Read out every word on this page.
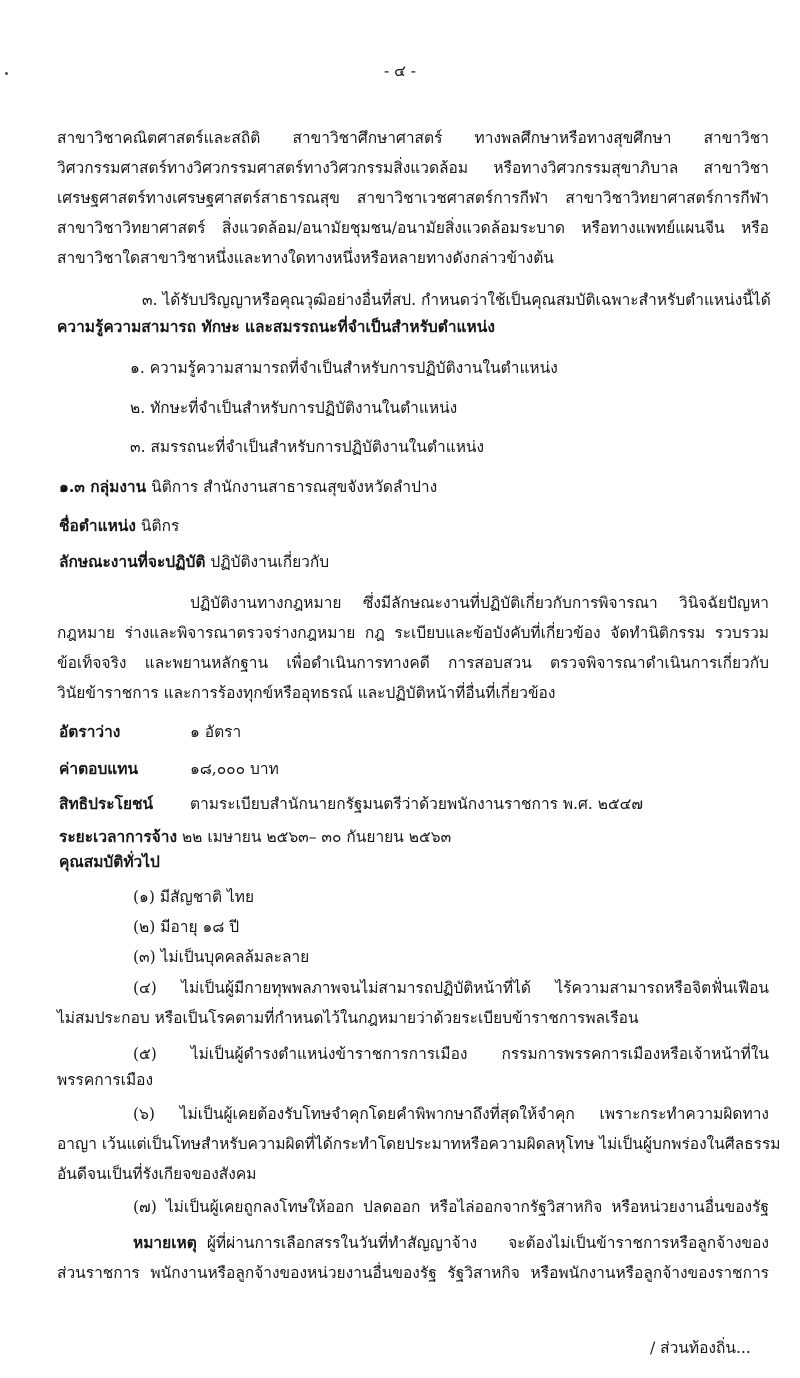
- ๔ -
สาขาวิชาคณิตศาสตร์และสถิติ สาขาวิชาศึกษาศาสตร์ ทางพลศึกษาหรือทางสุขศึกษา สาขาวิชา
วิศวกรรมศาสตร์ทางวิศวกรรมศาสตร์ทางวิศวกรรมสิ่งแวดล้อม หรือทางวิศวกรรมสุขาภิบาล สาขาวิชา
เศรษฐศาสตร์ทางเศรษฐศาสตร์สาธารณสุข สาขาวิชาเวชศาสตร์การกีฬา สาขาวิชาวิทยาศาสตร์การกีฬา
สาขาวิชาวิทยาศาสตร์ สิ่งแวดล้อม/อนามัยชุมชน/อนามัยสิ่งแวดล้อมระบาด หรือทางแพทย์แผนจีน หรือ
สาขาวิชาใดสาขาวิชาหนึ่งและทางใดทางหนึ่งหรือหลายทางดังกล่าวข้างต้น
๓. ได้รับปริญญาหรือคุณวุฒิอย่างอื่นที่สป. กำหนดว่าใช้เป็นคุณสมบัติเฉพาะสำหรับตำแหน่งนี้ได้
ความรู้ความสามารถ ทักษะ และสมรรถนะที่จำเป็นสำหรับตำแหน่ง
๑. ความรู้ความสามารถที่จำเป็นสำหรับการปฏิบัติงานในตำแหน่ง
๒. ทักษะที่จำเป็นสำหรับการปฏิบัติงานในตำแหน่ง
๓. สมรรถนะที่จำเป็นสำหรับการปฏิบัติงานในตำแหน่ง
๑.๓ กลุ่มงาน นิติการ สำนักงานสาธารณสุขจังหวัดลำปาง
ชื่อตำแหน่ง นิติกร
ลักษณะงานที่จะปฏิบัติ ปฏิบัติงานเกี่ยวกับ
ปฏิบัติงานทางกฎหมาย ซึ่งมีลักษณะงานที่ปฏิบัติเกี่ยวกับการพิจารณา วินิจฉัยปัญหา
กฎหมาย ร่างและพิจารณาตรวจร่างกฎหมาย กฎ ระเบียบและข้อบังคับที่เกี่ยวข้อง จัดทำนิติกรรม รวบรวม
ข้อเท็จจริง และพยานหลักฐาน เพื่อดำเนินการทางคดี การสอบสวน ตรวจพิจารณาดำเนินการเกี่ยวกับ
วินัยข้าราชการ และการร้องทุกข์หรืออุทธรณ์ และปฏิบัติหน้าที่อื่นที่เกี่ยวข้อง
อัตราว่าง	๑ อัตรา
ค่าตอบแทน	๑๘,๐๐๐ บาท
สิทธิประโยชน์ ตามระเบียบสำนักนายกรัฐมนตรีว่าด้วยพนักงานราชการ พ.ศ. ๒๕๔๗
ระยะเวลาการจ้าง ๒๒ เมษายน ๒๕๖๓– ๓๐ กันยายน ๒๕๖๓
คุณสมบัติทั่วไป
(๑) มีสัญชาติ ไทย
(๒) มีอายุ ๑๘ ปี
(๓) ไม่เป็นบุคคลล้มละลาย
(๔) ไม่เป็นผู้มีกายทุพพลภาพจนไม่สามารถปฏิบัติหน้าที่ได้ ไร้ความสามารถหรือจิตฟั่นเฟือน
ไม่สมประกอบ หรือเป็นโรคตามที่กำหนดไว้ในกฎหมายว่าด้วยระเบียบข้าราชการพลเรือน
(๕) ไม่เป็นผู้ดำรงตำแหน่งข้าราชการการเมือง กรรมการพรรคการเมืองหรือเจ้าหน้าที่ใน
พรรคการเมือง
(๖) ไม่เป็นผู้เคยต้องรับโทษจำคุกโดยคำพิพากษาถึงที่สุดให้จำคุก เพราะกระทำความผิดทาง
อาญา เว้นแต่เป็นโทษสำหรับความผิดที่ได้กระทำโดยประมาทหรือความผิดลหุโทษ ไม่เป็นผู้บกพร่องในศีลธรรม
อันดีจนเป็นที่รังเกียจของสังคม
(๗) ไม่เป็นผู้เคยถูกลงโทษให้ออก ปลดออก หรือไล่ออกจากรัฐวิสาหกิจ หรือหน่วยงานอื่นของรัฐ
หมายเหตุ ผู้ที่ผ่านการเลือกสรรในวันที่ทำสัญญาจ้าง จะต้องไม่เป็นข้าราชการหรือลูกจ้างของ
ส่วนราชการ พนักงานหรือลูกจ้างของหน่วยงานอื่นของรัฐ รัฐวิสาหกิจ หรือพนักงานหรือลูกจ้างของราชการ
/ ส่วนท้องถิ่น...
